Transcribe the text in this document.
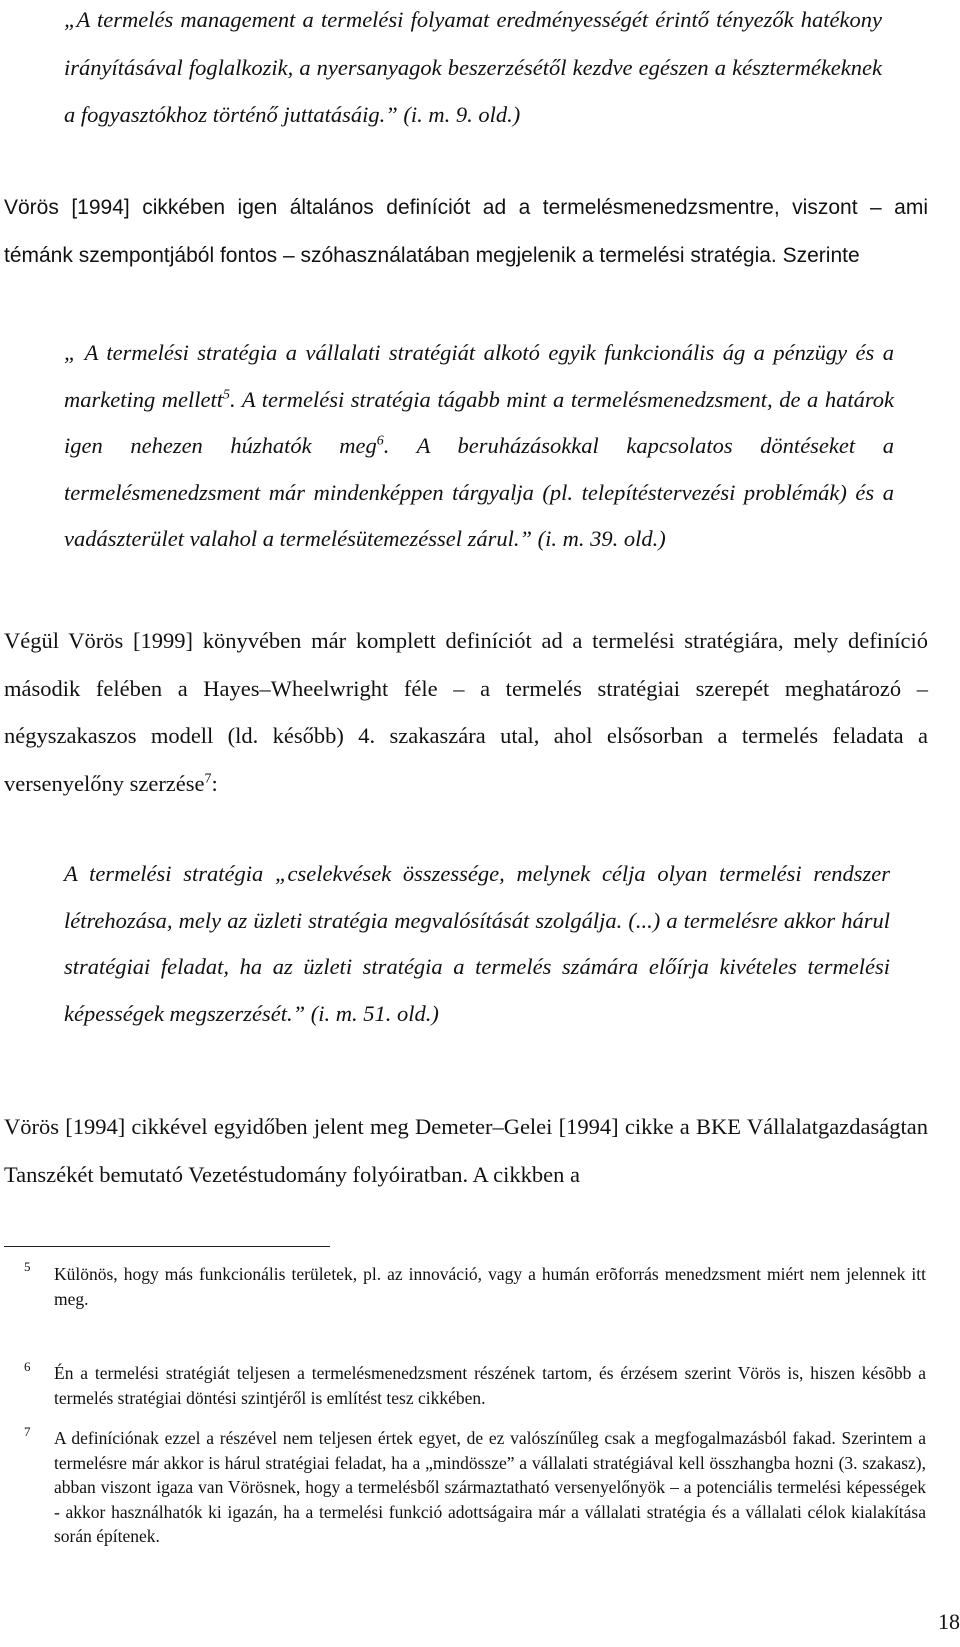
„A termelés management a termelési folyamat eredményességét érintő tényezők hatékony irányításával foglalkozik, a nyersanyagok beszerzésétől kezdve egészen a késztermékeknek a fogyasztókhoz történő juttatásáig.” (i. m. 9. old.)

Vörös [1994] cikkében igen általános definíciót ad a termelésmenedzsmentre, viszont – ami témánk szempontjából fontos – szóhasználatában megjelenik a termelési stratégia. Szerinte

„ A termelési stratégia a vállalati stratégiát alkotó egyik funkcionális ág a pénzügy és a marketing mellett$^5$. A termelési stratégia tágabb mint a termelésmenedzsment, de a határok igen nehezen húzhatók meg$^6$. A beruházásokkal kapcsolatos döntéseket a termelésmenedzsment már mindenképpen tárgyalja (pl. telepítéstervezési problémák) és a vadászterület valahol a termelésütemezéssel zárul.” (i. m. 39. old.)

Végül Vörös [1999] könyvében már komplett definíciót ad a termelési stratégiára, mely definíció második felében a Hayes–Wheelwright féle – a termelés stratégiai szerepét meghatározó – négyszakaszos modell (ld. később) 4. szakaszára utal, ahol elsősorban a termelés feladata a versenyelőny szerzése$^7$:

A termelési stratégia „cselekvések összessége, melynek célja olyan termelési rendszer létrehozása, mely az üzleti stratégia megvalósítását szolgálja. (...) a termelésre akkor hárul stratégiai feladat, ha az üzleti stratégia a termelés számára előírja kivételes termelési képességek megszerzését.” (i. m. 51. old.)

Vörös [1994] cikkével egyidőben jelent meg Demeter–Gelei [1994] cikke a BKE Vállalatgazdaságtan Tanszékét bemutató Vezetéstudomány folyóiratban. A cikkben a

5 Különös, hogy más funkcionális területek, pl. az innováció, vagy a humán erõforrás menedzsment miért nem jelennek itt meg.

6 Én a termelési stratégiát teljesen a termelésmenedzsment részének tartom, és érzésem szerint Vörös is, hiszen késõbb a termelés stratégiai döntési szintjéről is említést tesz cikkében.

7 A definíciónak ezzel a részével nem teljesen értek egyet, de ez valószínűleg csak a megfogalmazásból fakad. Szerintem a termelésre már akkor is hárul stratégiai feladat, ha a „mindössze” a vállalati stratégiával kell összhangba hozni (3. szakasz), abban viszont igaza van Vörösnek, hogy a termelésből származtatható versenyelőnyök – a potenciális termelési képességek - akkor használhatók ki igazán, ha a termelési funkció adottságaira már a vállalati stratégia és a vállalati célok kialakítása során építenek.

18
